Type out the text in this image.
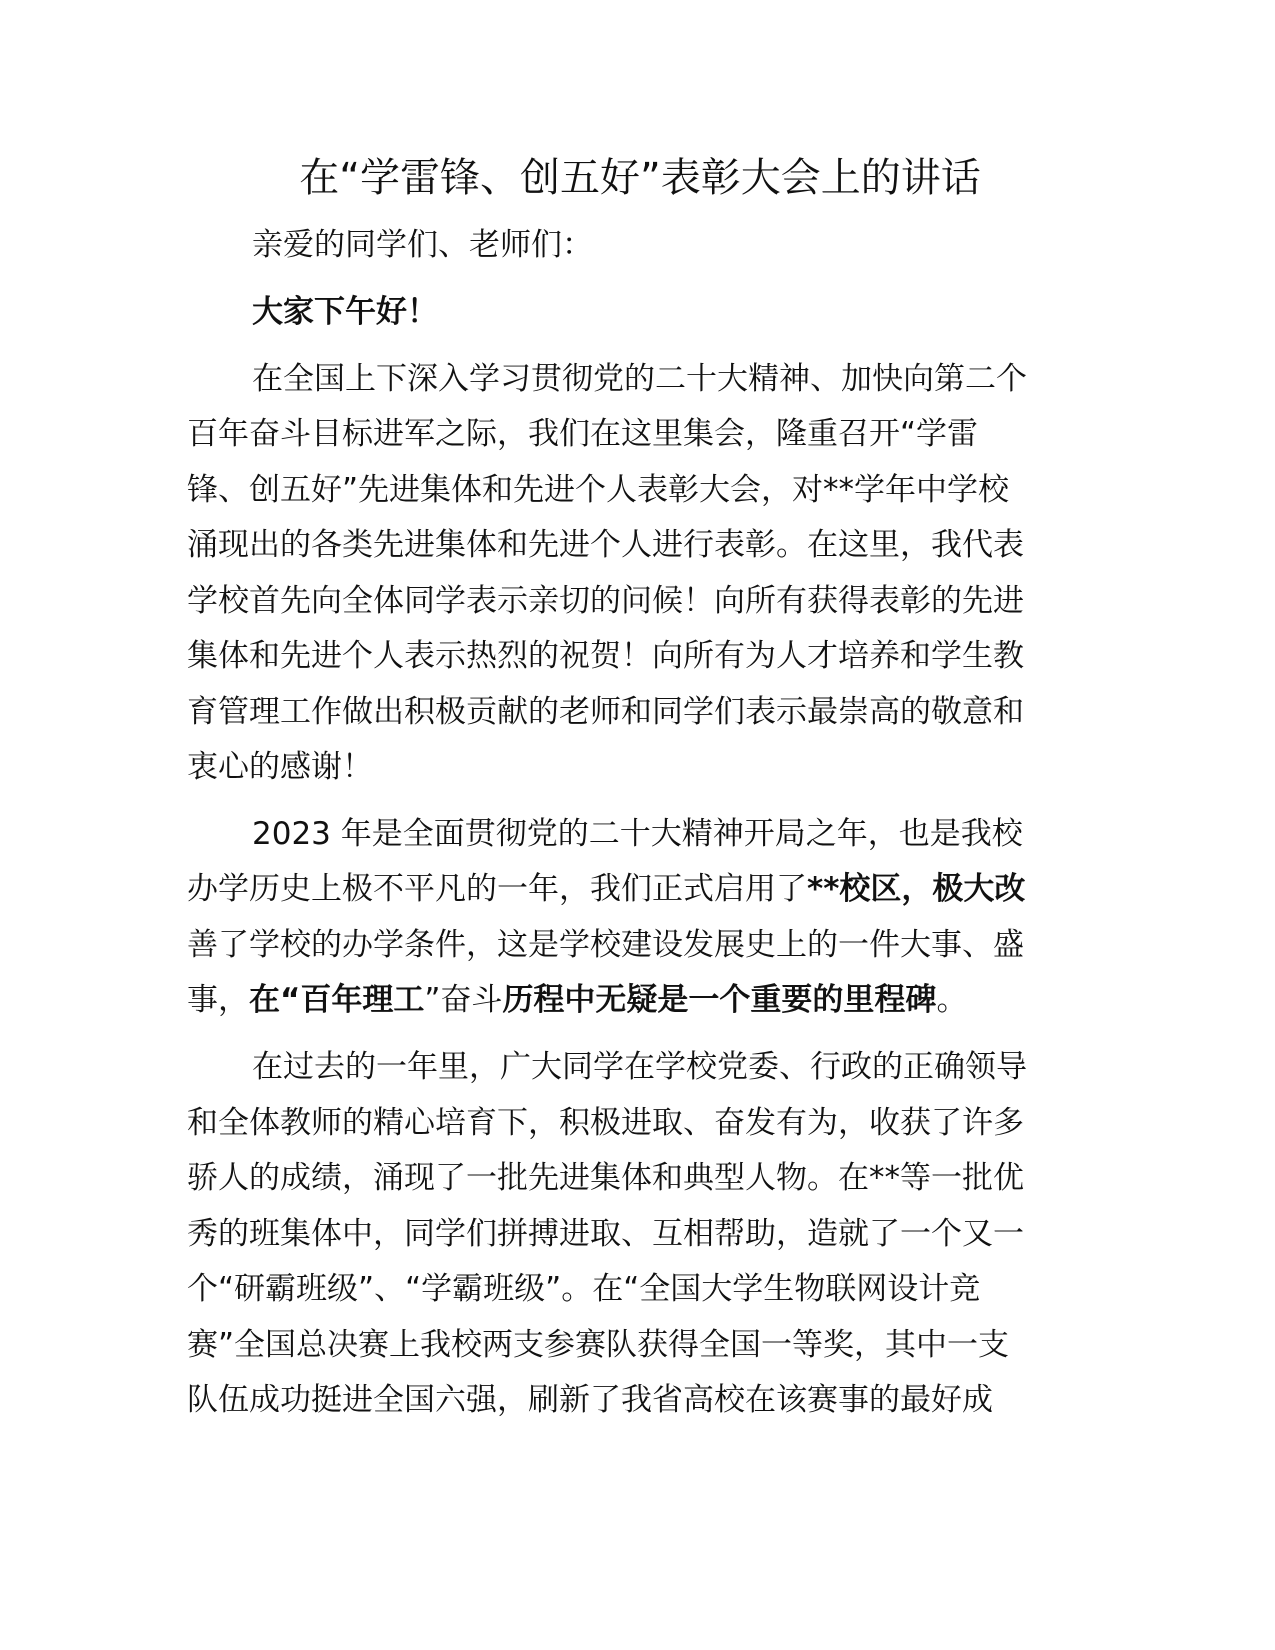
在“学雷锋、创五好”表彰大会上的讲话

亲爱的同学们、老师们：

大家下午好！

在全国上下深入学习贯彻党的二十大精神、加快向第二个

百年奋斗目标进军之际，我们在这里集会，隆重召开“学雷

锋、创五好”先进集体和先进个人表彰大会，对**学年中学校

涌现出的各类先进集体和先进个人进行表彰。在这里，我代表

学校首先向全体同学表示亲切的问候！向所有获得表彰的先进

集体和先进个人表示热烈的祝贺！向所有为人才培养和学生教

育管理工作做出积极贡献的老师和同学们表示最崇高的敬意和

衷心的感谢！

2023 年是全面贯彻党的二十大精神开局之年，也是我校

办学历史上极不平凡的一年，我们正式启用了**校区，极大改

善了学校的办学条件，这是学校建设发展史上的一件大事、盛

事，在“百年理工”奋斗历程中无疑是一个重要的里程碑。

在过去的一年里，广大同学在学校党委、行政的正确领导

和全体教师的精心培育下，积极进取、奋发有为，收获了许多

骄人的成绩，涌现了一批先进集体和典型人物。在**等一批优

秀的班集体中，同学们拼搏进取、互相帮助，造就了一个又一

个“研霸班级”、“学霸班级”。在“全国大学生物联网设计竞

赛”全国总决赛上我校两支参赛队获得全国一等奖，其中一支

队伍成功挺进全国六强，刷新了我省高校在该赛事的最好成
